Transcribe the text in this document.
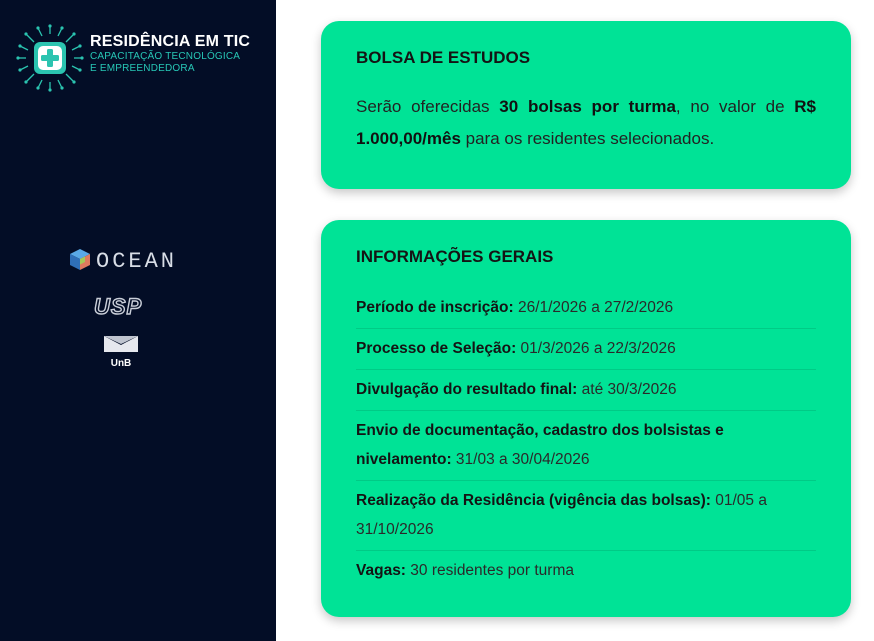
RESIDÊNCIA EM TIC
CAPACITAÇÃO TECNOLÓGICA
E EMPREENDEDORA
OCEAN
USP
UnB
BOLSA DE ESTUDOS

Serão oferecidas 30 bolsas por turma, no valor de R$ 1.000,00/mês para os residentes selecionados.

INFORMAÇÕES GERAIS
Período de inscrição: 26/1/2026 a 27/2/2026
Processo de Seleção: 01/3/2026 a 22/3/2026
Divulgação do resultado final: até 30/3/2026
Envio de documentação, cadastro dos bolsistas e nivelamento: 31/03 a 30/04/2026
Realização da Residência (vigência das bolsas): 01/05 a 31/10/2026
Vagas: 30 residentes por turma
